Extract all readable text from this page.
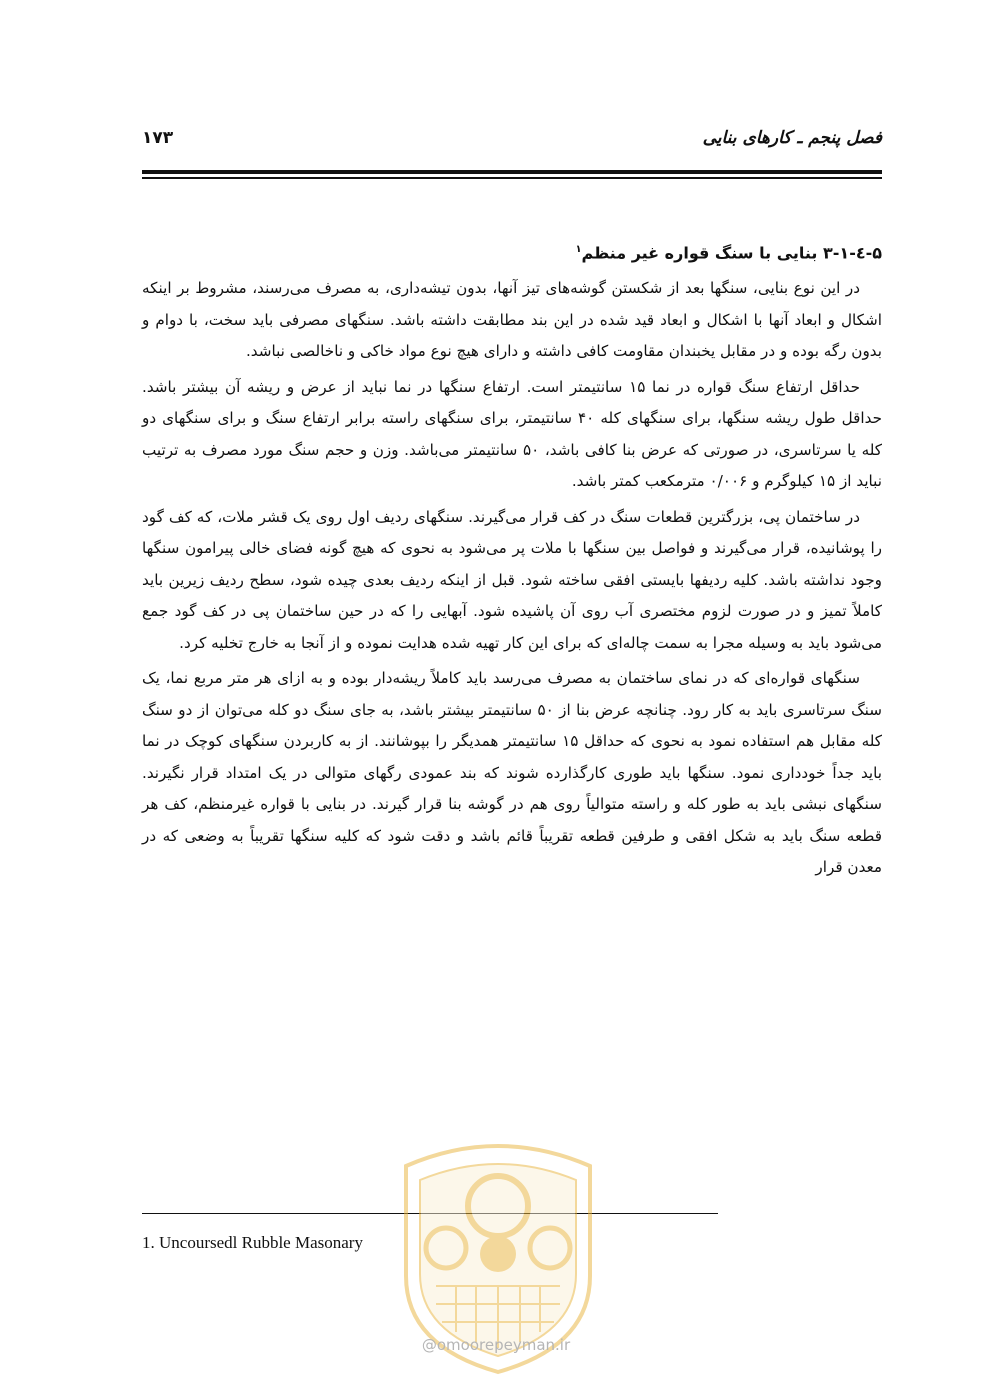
فصل پنجم ـ کارهای بنایی
۱۷۳
۵-٤-۳-۱ بنایی با سنگ قواره غیر منظم$^۱$

در این نوع بنایی، سنگها بعد از شکستن گوشه‌های تیز آنها، بدون تیشه‌داری، به مصرف می‌رسند، مشروط بر اینکه اشکال و ابعاد آنها با اشکال و ابعاد قید شده در این بند مطابقت داشته باشد. سنگهای مصرفی باید سخت، با دوام و بدون رگه بوده و در مقابل یخبندان مقاومت کافی داشته و دارای هیچ نوع مواد خاکی و ناخالصی نباشد.

حداقل ارتفاع سنگ قواره در نما ۱۵ سانتیمتر است. ارتفاع سنگها در نما نباید از عرض و ریشه آن بیشتر باشد. حداقل طول ریشه سنگها، برای سنگهای کله ۴۰ سانتیمتر، برای سنگهای راسته برابر ارتفاع سنگ و برای سنگهای دو کله یا سرتاسری، در صورتی که عرض بنا کافی باشد، ۵۰ سانتیمتر می‌باشد. وزن و حجم سنگ مورد مصرف به ترتیب نباید از ۱۵ کیلوگرم و ۰/۰۰۶ مترمکعب کمتر باشد.

در ساختمان پی، بزرگترین قطعات سنگ در کف قرار می‌گیرند. سنگهای ردیف اول روی یک قشر ملات، که کف گود را پوشانیده، قرار می‌گیرند و فواصل بین سنگها با ملات پر می‌شود به نحوی که هیچ گونه فضای خالی پیرامون سنگها وجود نداشته باشد. کلیه ردیفها بایستی افقی ساخته شود. قبل از اینکه ردیف بعدی چیده شود، سطح ردیف زیرین باید کاملاً تمیز و در صورت لزوم مختصری آب روی آن پاشیده شود. آبهایی را که در حین ساختمان پی در کف گود جمع می‌شود باید به وسیله مجرا به سمت چاله‌ای که برای این کار تهیه شده هدایت نموده و از آنجا به خارج تخلیه کرد.

سنگهای قواره‌ای که در نمای ساختمان به مصرف می‌رسد باید کاملاً ریشه‌دار بوده و به ازای هر متر مربع نما، یک سنگ سرتاسری باید به کار رود. چنانچه عرض بنا از ۵۰ سانتیمتر بیشتر باشد، به جای سنگ دو کله می‌توان از دو سنگ کله مقابل هم استفاده نمود به نحوی که حداقل ۱۵ سانتیمتر همدیگر را بپوشانند. از به کاربردن سنگهای کوچک در نما باید جداً خودداری نمود. سنگها باید طوری کارگذارده شوند که بند عمودی رگهای متوالی در یک امتداد قرار نگیرند. سنگهای نبشی باید به طور کله و راسته متوالیاً روی هم در گوشه بنا قرار گیرند. در بنایی با قواره غیرمنظم، کف هر قطعه سنگ باید به شکل افقی و طرفین قطعه تقریباً قائم باشد و دقت شود که کلیه سنگها تقریباً به وضعی که در معدن قرار

1. Uncoursedl Rubble Masonary
@omoorepeyman.ir
